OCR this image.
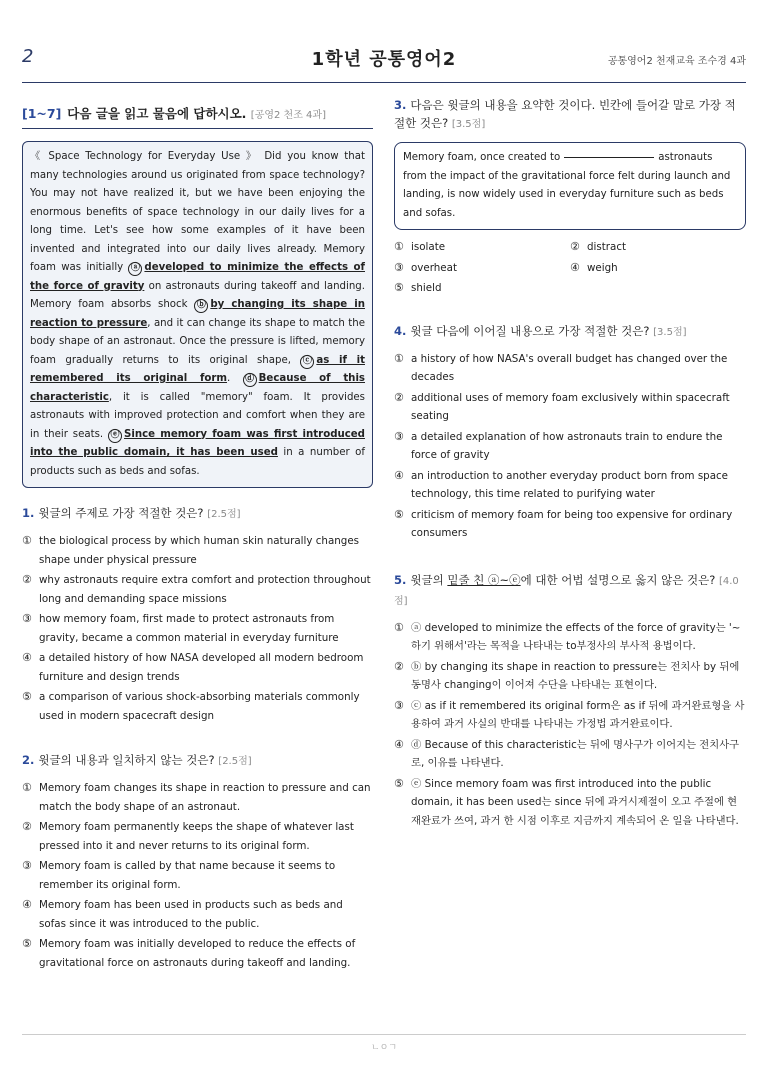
2	1학년 공통영어2	공통영어2 천재교육 조수경 4과
[1~7] 다음 글을 읽고 물음에 답하시오. [공영2 천조 4과]
《 Space Technology for Everyday Use 》 Did you know that many technologies around us originated from space technology? You may not have realized it, but we have been enjoying the enormous benefits of space technology in our daily lives for a long time. Let's see how some examples of it have been invented and integrated into our daily lives already. Memory foam was initially ⓐ developed to minimize the effects of the force of gravity on astronauts during takeoff and landing. Memory foam absorbs shock ⓑ by changing its shape in reaction to pressure, and it can change its shape to match the body shape of an astronaut. Once the pressure is lifted, memory foam gradually returns to its original shape, ⓒ as if it remembered its original form. ⓓ Because of this characteristic, it is called "memory" foam. It provides astronauts with improved protection and comfort when they are in their seats. ⓔ Since memory foam was first introduced into the public domain, it has been used in a number of products such as beds and sofas.
1. 윗글의 주제로 가장 적절한 것은? [2.5점]
① the biological process by which human skin naturally changes shape under physical pressure
② why astronauts require extra comfort and protection throughout long and demanding space missions
③ how memory foam, first made to protect astronauts from gravity, became a common material in everyday furniture
④ a detailed history of how NASA developed all modern bedroom furniture and design trends
⑤ a comparison of various shock-absorbing materials commonly used in modern spacecraft design
2. 윗글의 내용과 일치하지 않는 것은? [2.5점]
① Memory foam changes its shape in reaction to pressure and can match the body shape of an astronaut.
② Memory foam permanently keeps the shape of whatever last pressed into it and never returns to its original form.
③ Memory foam is called by that name because it seems to remember its original form.
④ Memory foam has been used in products such as beds and sofas since it was introduced to the public.
⑤ Memory foam was initially developed to reduce the effects of gravitational force on astronauts during takeoff and landing.
3. 다음은 윗글의 내용을 요약한 것이다. 빈칸에 들어갈 말로 가장 적절한 것은? [3.5점]
Memory foam, once created to	astronauts from the impact of the gravitational force felt during launch and landing, is now widely used in everyday furniture such as beds and sofas.
① isolate	② distract
③ overheat	④ weigh
⑤ shield
4. 윗글 다음에 이어질 내용으로 가장 적절한 것은? [3.5점]
① a history of how NASA's overall budget has changed over the decades
② additional uses of memory foam exclusively within spacecraft seating
③ a detailed explanation of how astronauts train to endure the force of gravity
④ an introduction to another everyday product born from space technology, this time related to purifying water
⑤ criticism of memory foam for being too expensive for ordinary consumers
5. 윗글의 밑줄 친 ⓐ~ⓔ에 대한 어법 설명으로 옳지 않은 것은? [4.0점]
① ⓐ developed to minimize the effects of the force of gravity는 '~하기 위해서'라는 목적을 나타내는 to부정사의 부사적 용법이다.
② ⓑ by changing its shape in reaction to pressure는 전치사 by 뒤에 동명사 changing이 이어져 수단을 나타내는 표현이다.
③ ⓒ as if it remembered its original form은 as if 뒤에 과거완료형을 사용하여 과거 사실의 반대를 나타내는 가정법 과거완료이다.
④ ⓓ Because of this characteristic는 뒤에 명사구가 이어지는 전치사구로, 이유를 나타낸다.
⑤ ⓔ Since memory foam was first introduced into the public domain, it has been used는 since 뒤에 과거시제절이 오고 주절에 현재완료가 쓰여, 과거 한 시점 이후로 지금까지 계속되어 온 일을 나타낸다.
ㄴㅇㄱ
